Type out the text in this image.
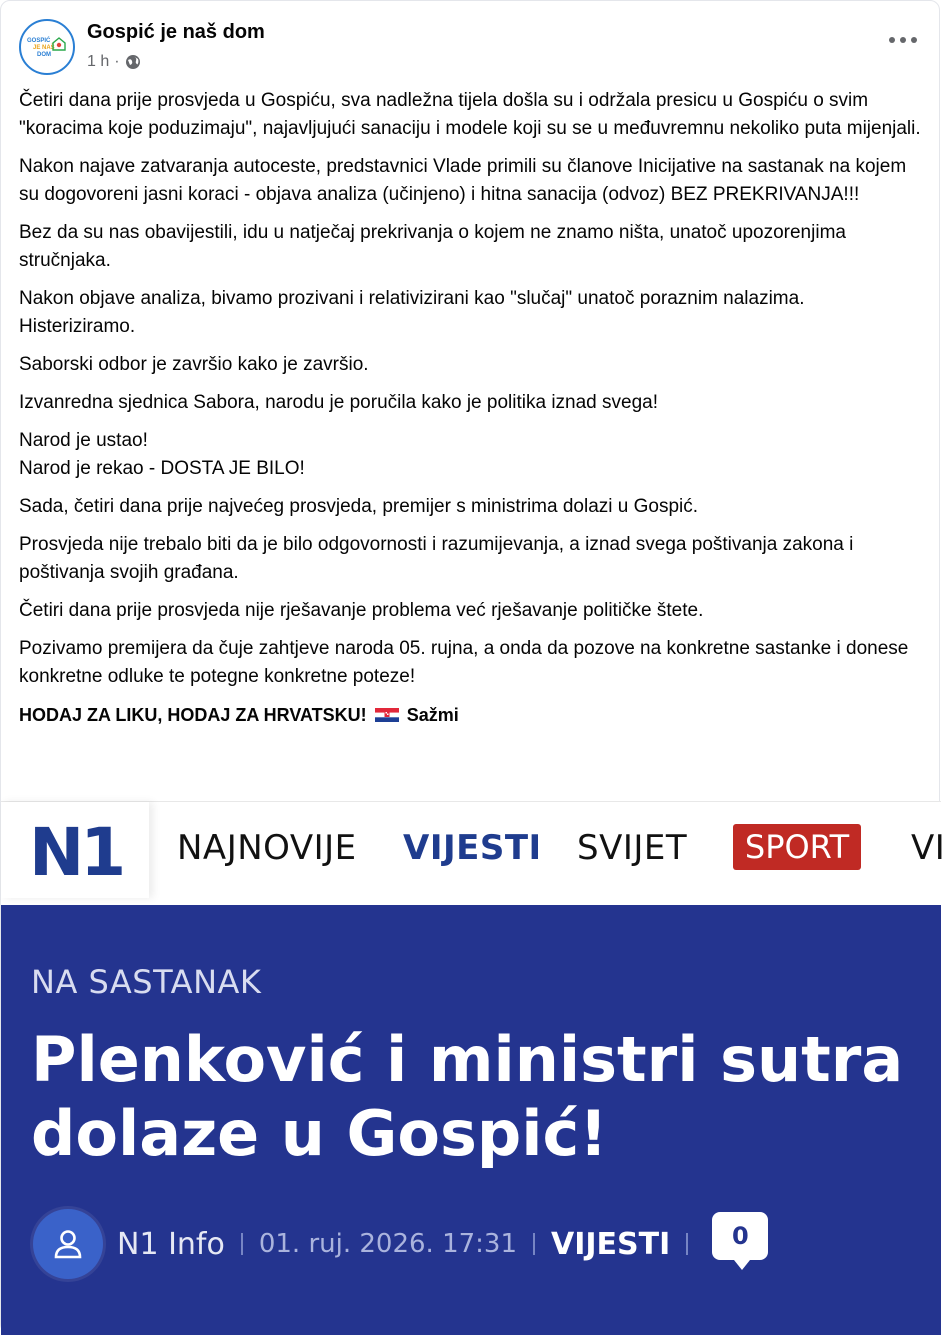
GOSPIĆ
JE NAŠ
DOM
Gospić je naš dom
1 h ·

Četiri dana prije prosvjeda u Gospiću, sva nadležna tijela došla su i održala presicu u Gospiću o svim "koracima koje poduzimaju", najavljujući sanaciju i modele koji su se u međuvremnu nekoliko puta mijenjali.

Nakon najave zatvaranja autoceste, predstavnici Vlade primili su članove Inicijative na sastanak na kojem su dogovoreni jasni koraci - objava analiza (učinjeno) i hitna sanacija (odvoz) BEZ PREKRIVANJA!!!

Bez da su nas obavijestili, idu u natječaj prekrivanja o kojem ne znamo ništa, unatoč upozorenjima stručnjaka.

Nakon objave analiza, bivamo prozivani i relativizirani kao "slučaj" unatoč poraznim nalazima. Histeriziramo.

Saborski odbor je završio kako je završio.

Izvanredna sjednica Sabora, narodu je poručila kako je politika iznad svega!

Narod je ustao!
Narod je rekao - DOSTA JE BILO!

Sada, četiri dana prije najvećeg prosvjeda, premijer s ministrima dolazi u Gospić.

Prosvjeda nije trebalo biti da je bilo odgovornosti i razumijevanja, a iznad svega poštivanja zakona i poštivanja svojih građana.

Četiri dana prije prosvjeda nije rješavanje problema već rješavanje političke štete.

Pozivamo premijera da čuje zahtjeve naroda 05. rujna, a onda da pozove na konkretne sastanke i donese konkretne odluke te potegne konkretne poteze!

HODAJ ZA LIKU, HODAJ ZA HRVATSKU! Sažmi

N1 NAJNOVIJE VIJESTI SVIJET	SPORT	VI
NA SASTANAK
Plenković i ministri sutra
dolaze u Gospić!
N1 Info 01. ruj. 2026. 17:31 VIJESTI	0
